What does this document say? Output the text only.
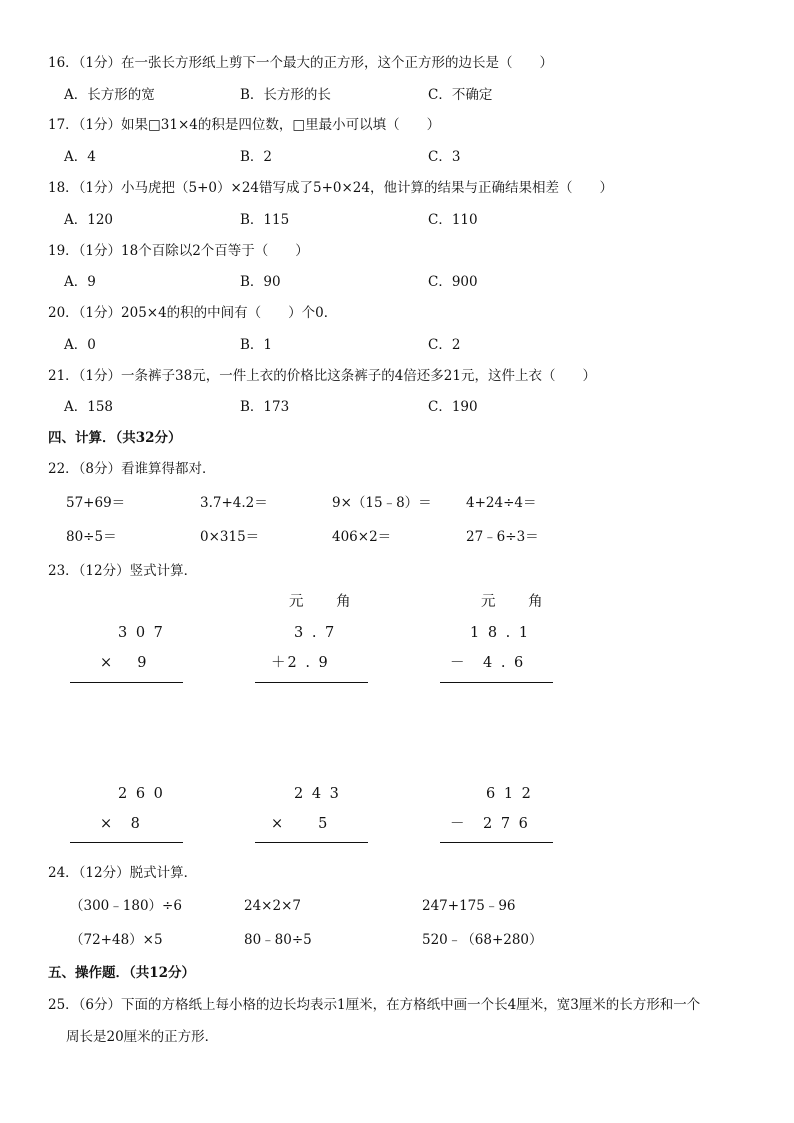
16．（1分）在一张长方形纸上剪下一个最大的正方形，这个正方形的边长是（　　）
A．长方形的宽	B．长方形的长	C．不确定
17．（1分）如果□31×4的积是四位数，□里最小可以填（　　）
A．4	B．2	C．3
18．（1分）小马虎把（5+0）×24错写成了5+0×24，他计算的结果与正确结果相差（　　）
A．120	B．115	C．110
19．（1分）18个百除以2个百等于（　　）
A．9	B．90	C．900
20．（1分）205×4的积的中间有（　　）个0．
A．0	B．1	C．2
21．（1分）一条裤子38元，一件上衣的价格比这条裤子的4倍还多21元，这件上衣（　　）
A．158	B．173	C．190
四、计算．（共32分）
22．（8分）看谁算得都对．
57+69＝	3.7+4.2＝	9×（15﹣8）＝	4+24÷4＝
80÷5＝	0×315＝	406×2＝	27﹣6÷3＝
23．（12分）竖式计算．
元 角	元 角
3 0 7
×　 9
3 . 7
＋2 . 9
1 8 . 1
－　4 . 6
2 6 0
×　8
2 4 3
×　　5
6 1 2
－　2 7 6
24．（12分）脱式计算．
（300﹣180）÷6	24×2×7	247+175﹣96
（72+48）×5	80﹣80÷5	520﹣（68+280）
五、操作题．（共12分）
25．（6分）下面的方格纸上每小格的边长均表示1厘米，在方格纸中画一个长4厘米，宽3厘米的长方形和一个
周长是20厘米的正方形．
